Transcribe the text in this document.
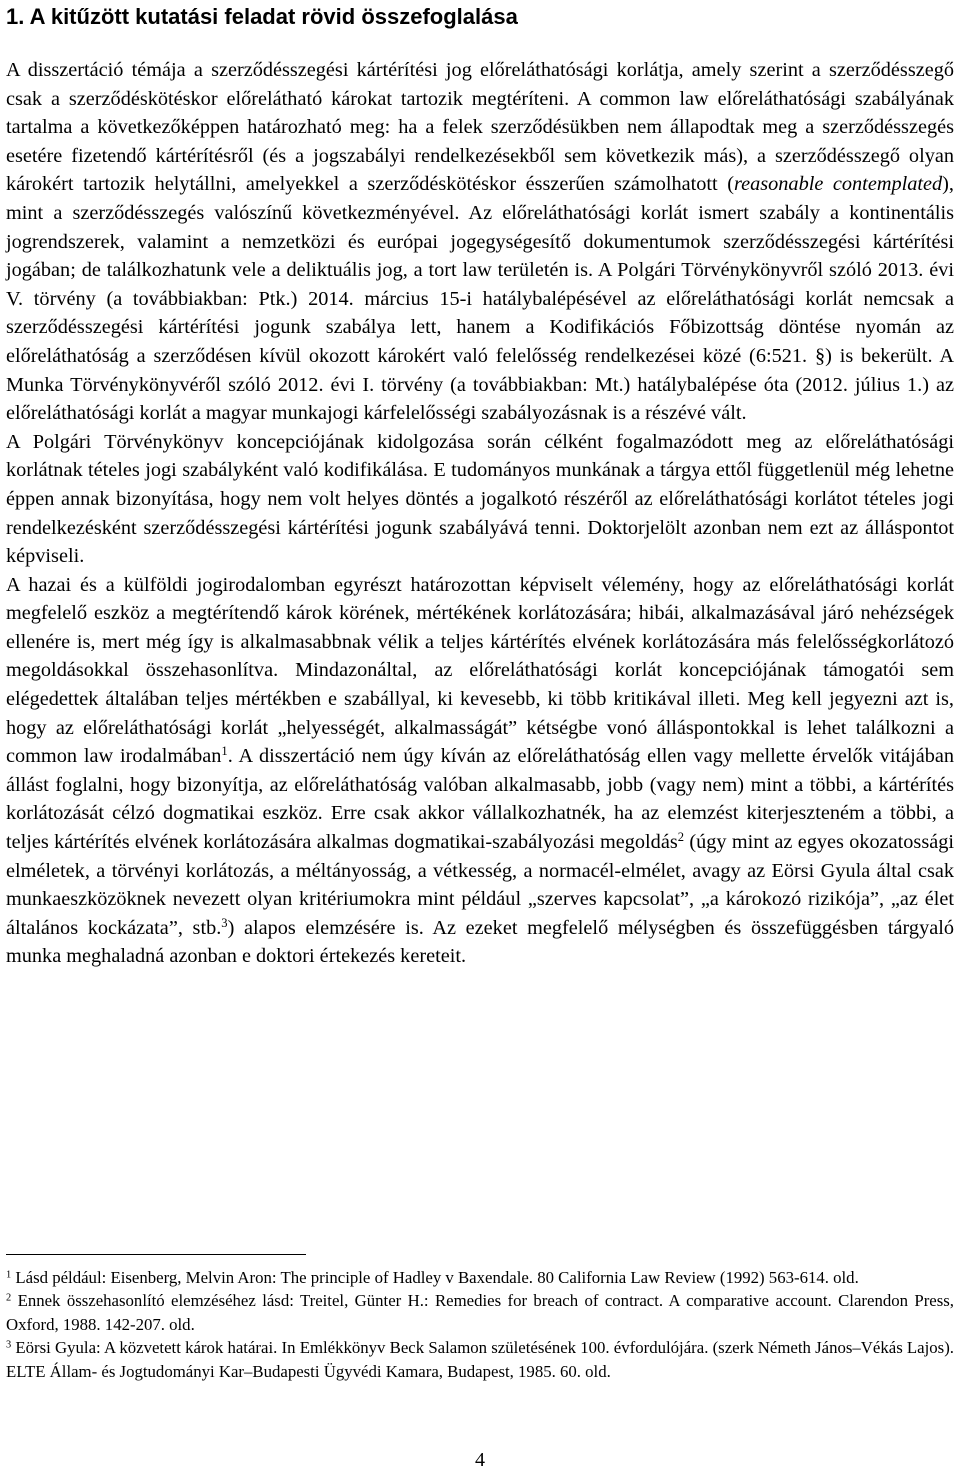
1. A kitűzött kutatási feladat rövid összefoglalása

A disszertáció témája a szerződésszegési kártérítési jog előreláthatósági korlátja, amely szerint a szerződésszegő csak a szerződéskötéskor előrelátható károkat tartozik megtéríteni. A common law előreláthatósági szabályának tartalma a következőképpen határozható meg: ha a felek szerződésükben nem állapodtak meg a szerződésszegés esetére fizetendő kártérítésről (és a jogszabályi rendelkezésekből sem következik más), a szerződésszegő olyan károkért tartozik helytállni, amelyekkel a szerződéskötéskor ésszerűen számolhatott (reasonable contemplated), mint a szerződésszegés valószínű következményével. Az előreláthatósági korlát ismert szabály a kontinentális jogrendszerek, valamint a nemzetközi és európai jogegységesítő dokumentumok szerződésszegési kártérítési jogában; de találkozhatunk vele a deliktuális jog, a tort law területén is. A Polgári Törvénykönyvről szóló 2013. évi V. törvény (a továbbiakban: Ptk.) 2014. március 15-i hatálybalépésével az előreláthatósági korlát nemcsak a szerződésszegési kártérítési jogunk szabálya lett, hanem a Kodifikációs Főbizottság döntése nyomán az előreláthatóság a szerződésen kívül okozott károkért való felelősség rendelkezései közé (6:521. §) is bekerült. A Munka Törvénykönyvéről szóló 2012. évi I. törvény (a továbbiakban: Mt.) hatálybalépése óta (2012. július 1.) az előreláthatósági korlát a magyar munkajogi kárfelelősségi szabályozásnak is a részévé vált.

A Polgári Törvénykönyv koncepciójának kidolgozása során célként fogalmazódott meg az előreláthatósági korlátnak tételes jogi szabályként való kodifikálása. E tudományos munkának a tárgya ettől függetlenül még lehetne éppen annak bizonyítása, hogy nem volt helyes döntés a jogalkotó részéről az előreláthatósági korlátot tételes jogi rendelkezésként szerződésszegési kártérítési jogunk szabályává tenni. Doktorjelölt azonban nem ezt az álláspontot képviseli.

A hazai és a külföldi jogirodalomban egyrészt határozottan képviselt vélemény, hogy az előreláthatósági korlát megfelelő eszköz a megtérítendő károk körének, mértékének korlátozására; hibái, alkalmazásával járó nehézségek ellenére is, mert még így is alkalmasabbnak vélik a teljes kártérítés elvének korlátozására más felelősségkorlátozó megoldásokkal összehasonlítva. Mindazonáltal, az előreláthatósági korlát koncepciójának támogatói sem elégedettek általában teljes mértékben e szabállyal, ki kevesebb, ki több kritikával illeti. Meg kell jegyezni azt is, hogy az előreláthatósági korlát „helyességét, alkalmasságát” kétségbe vonó álláspontokkal is lehet találkozni a common law irodalmában$^1$. A disszertáció nem úgy kíván az előreláthatóság ellen vagy mellette érvelők vitájában állást foglalni, hogy bizonyítja, az előreláthatóság valóban alkalmasabb, jobb (vagy nem) mint a többi, a kártérítés korlátozását célzó dogmatikai eszköz. Erre csak akkor vállalkozhatnék, ha az elemzést kiterjeszteném a többi, a teljes kártérítés elvének korlátozására alkalmas dogmatikai-szabályozási megoldás$^2$ (úgy mint az egyes okozatossági elméletek, a törvényi korlátozás, a méltányosság, a vétkesség, a normacél-elmélet, avagy az Eörsi Gyula által csak munkaeszközöknek nevezett olyan kritériumokra mint például „szerves kapcsolat”, „a károkozó rizikója”, „az élet általános kockázata”, stb.$^3$) alapos elemzésére is. Az ezeket megfelelő mélységben és összefüggésben tárgyaló munka meghaladná azonban e doktori értekezés kereteit.

$^1$ Lásd például: Eisenberg, Melvin Aron: The principle of Hadley v Baxendale. 80 California Law Review (1992) 563-614. old.

$^2$ Ennek összehasonlító elemzéséhez lásd: Treitel, Günter H.: Remedies for breach of contract. A comparative account. Clarendon Press, Oxford, 1988. 142-207. old.

$^3$ Eörsi Gyula: A közvetett károk határai. In Emlékkönyv Beck Salamon születésének 100. évfordulójára. (szerk Németh János–Vékás Lajos). ELTE Állam- és Jogtudományi Kar–Budapesti Ügyvédi Kamara, Budapest, 1985. 60. old.

4
